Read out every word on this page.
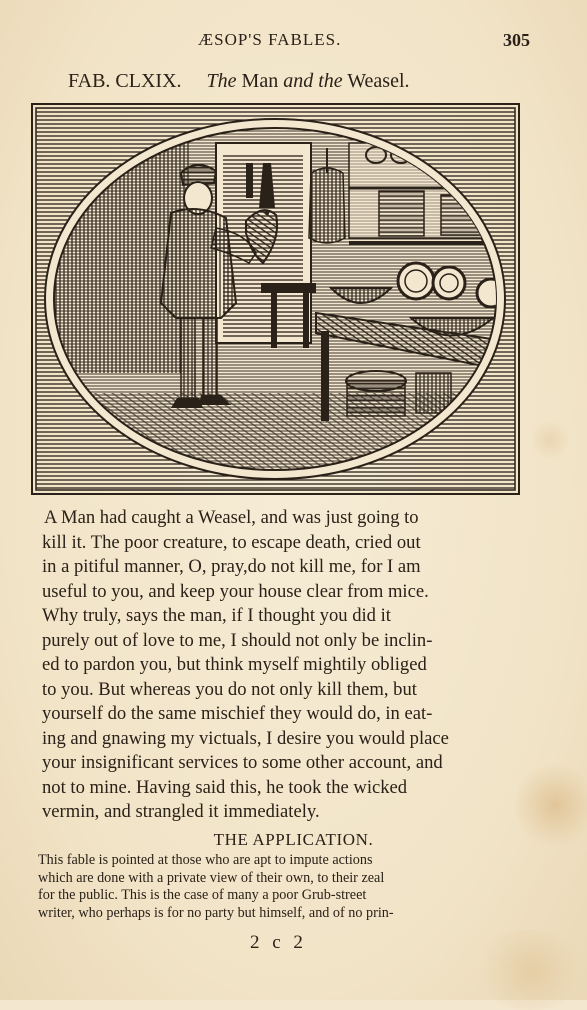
ÆSOP'S FABLES.	305
FAB. CLXIX. The Man and the Weasel.
A Man had caught a Weasel, and was just going to
kill it. The poor creature, to escape death, cried out
in a pitiful manner, O, pray,do not kill me, for I am
useful to you, and keep your house clear from mice.
Why truly, says the man, if I thought you did it
purely out of love to me, I should not only be inclin-
ed to pardon you, but think myself mightily obliged
to you. But whereas you do not only kill them, but
yourself do the same mischief they would do, in eat-
ing and gnawing my victuals, I desire you would place
your insignificant services to some other account, and
not to mine. Having said this, he took the wicked
vermin, and strangled it immediately.
THE APPLICATION.
This fable is pointed at those who are apt to impute actions
which are done with a private view of their own, to their zeal
for the public. This is the case of many a poor Grub-street
writer, who perhaps is for no party but himself, and of no prin-
2 c 2
